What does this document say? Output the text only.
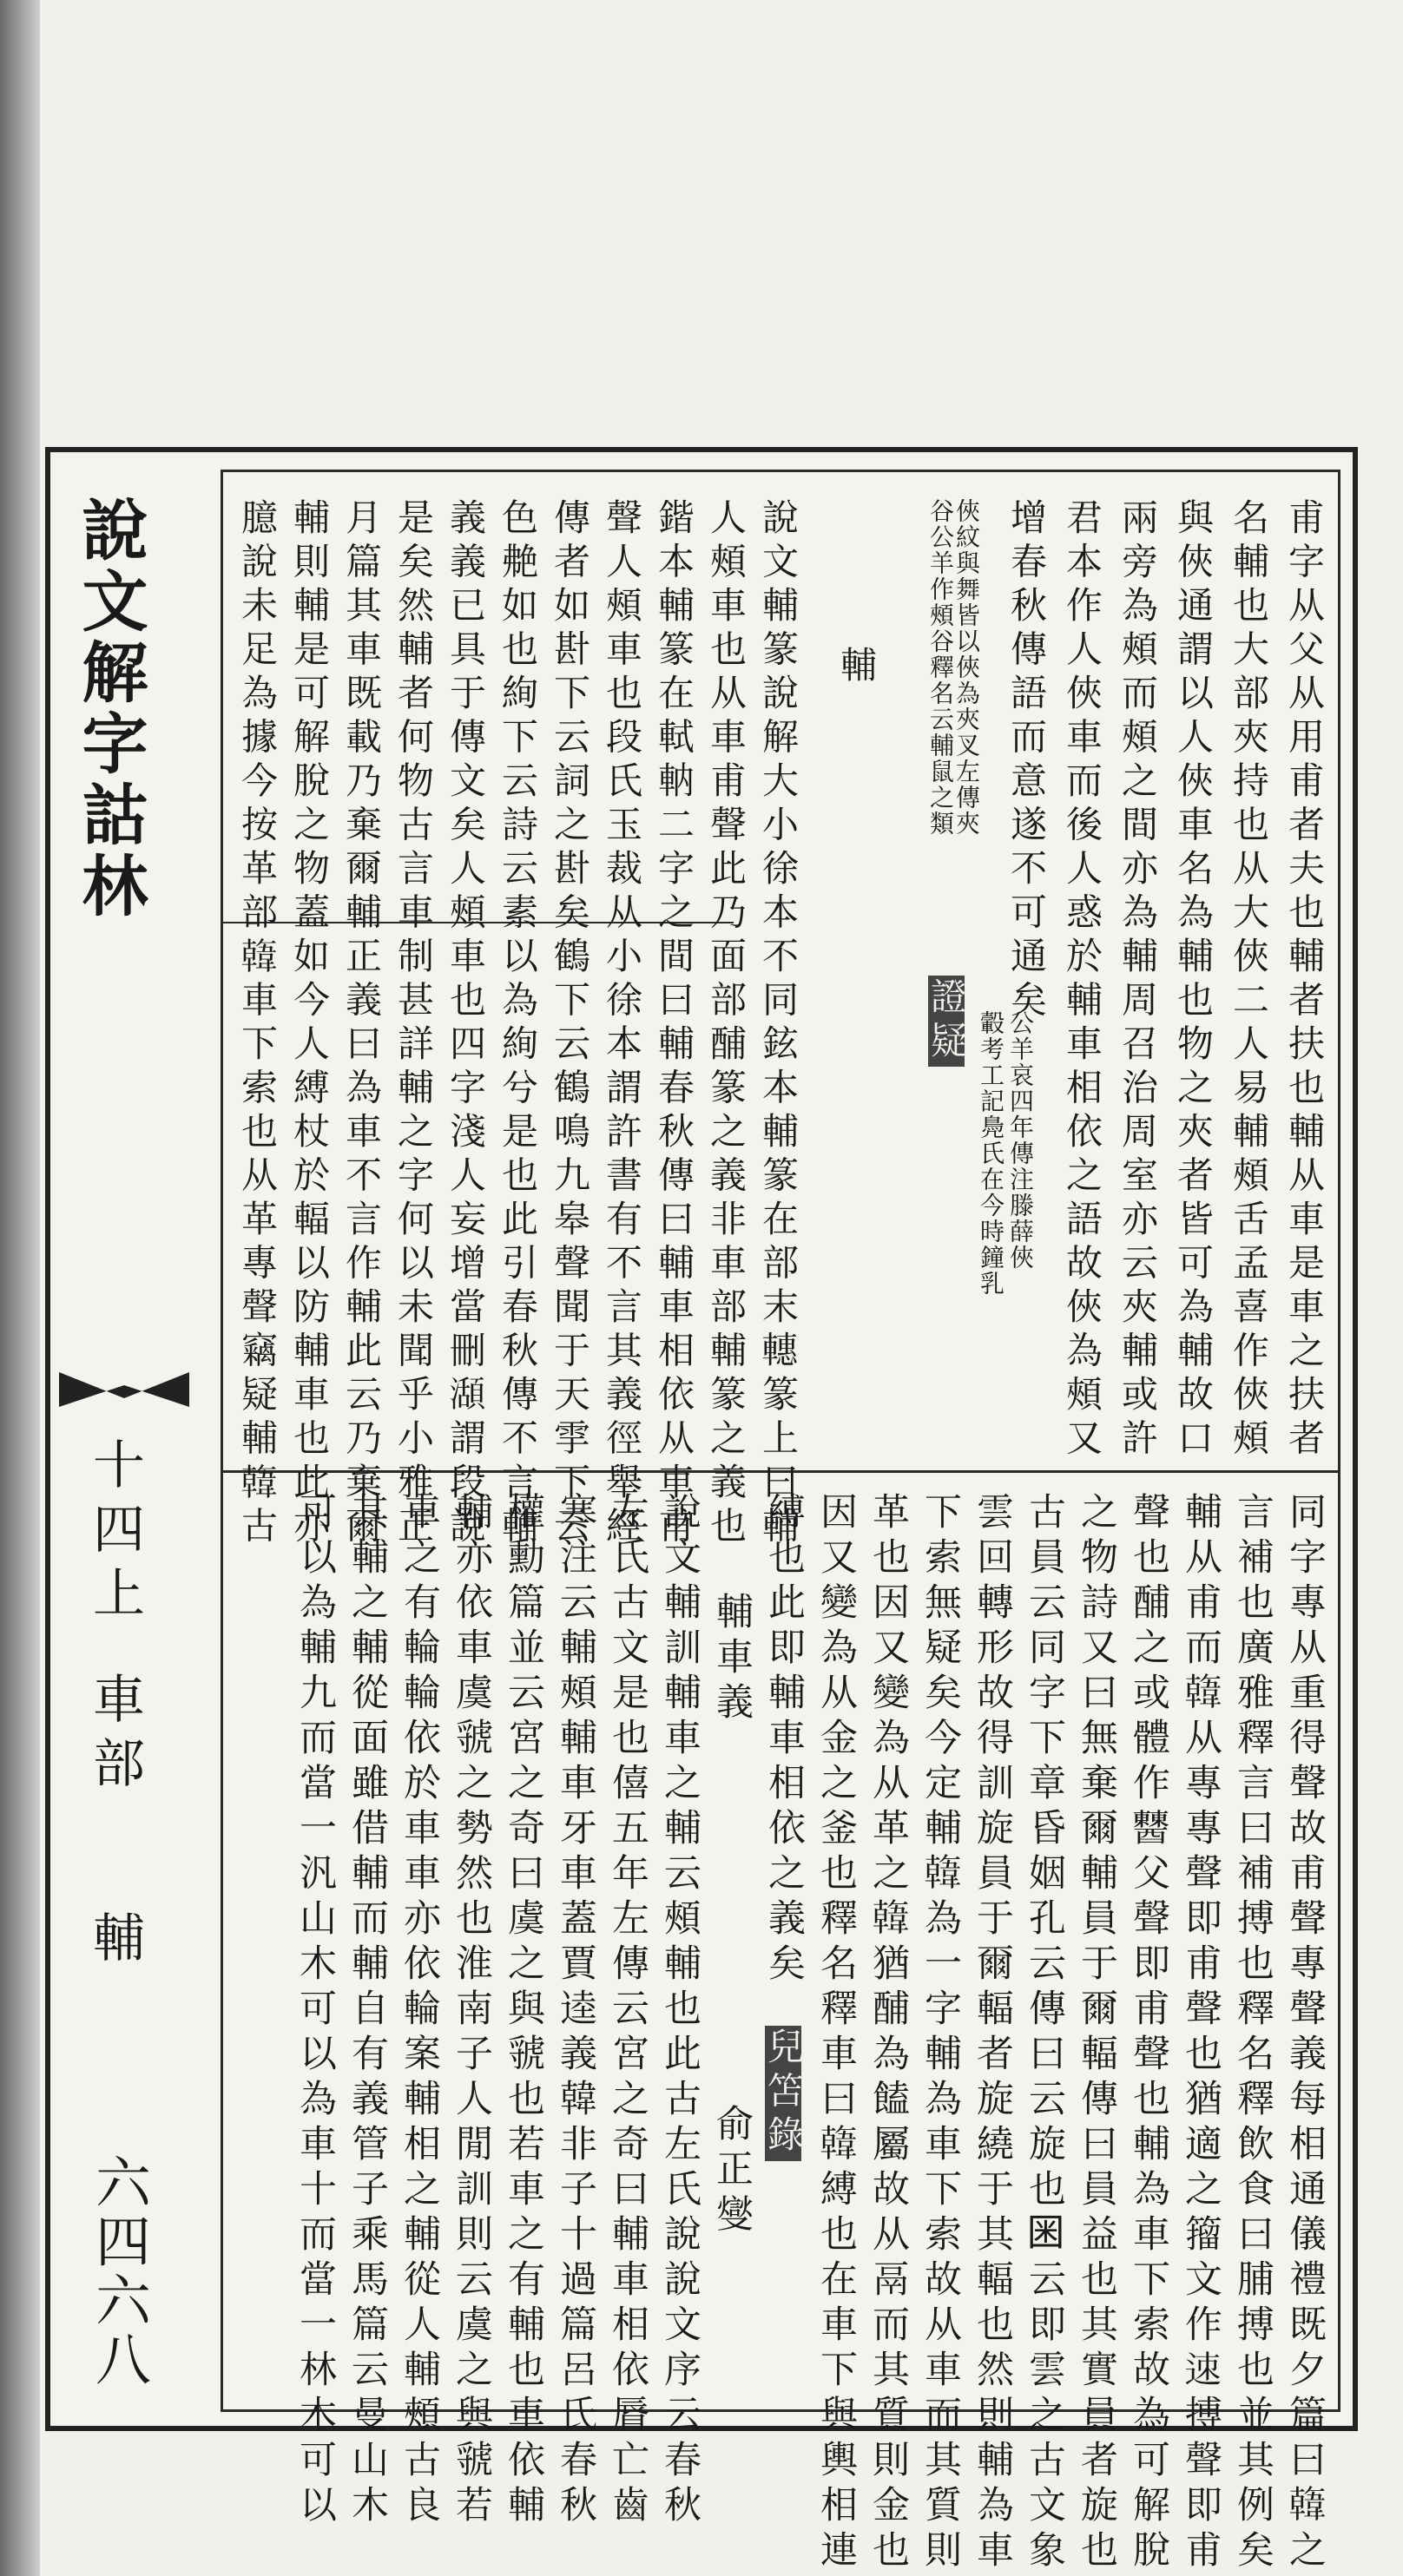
說文解字詁林
十四上
車部
輔
六四六八
甫字从父从用甫者夫也輔者扶也輔从車是車之扶者
名輔也大部夾持也从大俠二人易輔頰舌孟喜作俠頰
與俠通謂以人俠車名為輔也物之夾者皆可為輔故口
兩旁為頰而頰之間亦為輔周召治周室亦云夾輔或許
君本作人俠車而後人惑於輔車相依之語故俠為頰又
增春秋傳語而意遂不可通矣
公羊哀四年傳注滕薛俠
轂考工記鳧氏在今時鐘乳
俠紋與舞皆以俠為夾叉左傳夾
谷公羊作頰谷釋名云輔鼠之類
證疑
輔
說文輔篆說解大小徐本不同鉉本輔篆在部末𨎥篆上曰輔
人頰車也从車甫聲此乃面部酺篆之義非車部輔篆之義也
鍇本輔篆在軾軜二字之間曰輔春秋傳曰輔車相依从車甫
聲人頰車也段氏玉裁从小徐本謂許書有不言其義徑舉經
傳者如卙下云詞之卙矣鶴下云鶴鳴九皋聲聞于天𩁹下云
色艴如也絢下云詩云素以為絢兮是也此引春秋傳不言輔
義義已具于傳文矣人頰車也四字淺人妄增當刪𤁪謂段說
是矣然輔者何物古言車制甚詳輔之字何以未聞乎小雅正
月篇其車既載乃棄爾輔正義曰為車不言作輔此云乃棄爾
輔則輔是可解脫之物蓋如今人縛杖於輻以防輔車也此亦
臆說未足為據今按革部𩏑車下索也从革專聲竊疑輔𩏑古
同字專从重得聲故甫聲專聲義每相通儀禮既夕篇曰𩏑之
言補也廣雅釋言曰補搏也釋名釋飲食曰脯搏也並其例矣
輔从甫而𩏑从專專聲即甫聲也猶適之籀文作𨒪搏聲即甫
聲也酺之或體作𨣹父聲即甫聲也輔為車下索故為可解脫
之物詩又曰無棄爾輔員于爾輻傳曰員益也其實員者旋也
古員云同字下章昏姻孔云傳曰云旋也𡇒云即雲之古文象
雲回轉形故得訓旋員于爾輻者旋繞于其輻也然則輔為車
下索無疑矣今定輔𩏑為一字輔為車下索故从車而其質則
革也因又變為从革之𩏑猶酺為饁屬故从鬲而其質則金也
因又變為从金之釜也釋名釋車曰𩏑縛也在車下與輿相連
縛也此即輔車相依之義矣
兒笘錄
輔車義
說文輔訓輔車之輔云頰輔也此古左氏說說文序云春秋
左氏古文是也僖五年左傳云宮之奇曰輔車相依脣亡齒
寒注云輔頰輔車牙車蓋賈逵義韓非子十過篇呂氏春秋
權勳篇並云宮之奇曰虞之與虢也若車之有輔也車依輔
輔亦依車虞虢之勢然也淮南子人閒訓則云虞之與虢若
車之有輪輪依於車車亦依輪案輔相之輔從人輔頰古良
其輔之輔從面雖借輔而輔自有義管子乘馬篇云曼山木
可以為輔九而當一汎山木可以為車十而當一林木可以	俞正燮
